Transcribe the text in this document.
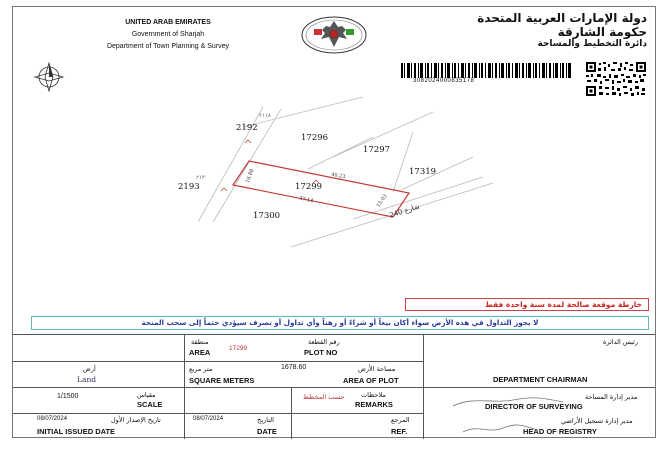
UNITED ARAB EMIRATES
Government of Sharjah
Department of Town Planning & Survey
دولة الإمارات العربية المتحدة
حكومة الشارقة
دائرة التخطيط والمساحة
3082024000835178
2192
2193
17296
17297
17319
17299
17300
٢١١٨
٢١٣	40.23
37.14	15.03
16.88
شارع 240
خارطة موقعة صالحة لمدة سنة واحدة فقط
لا يجوز التداول في هذه الأرض سواء أكان بيعاً أو شراءً أو رهناً وأي تداول أو تصرف سيؤدي حتماً إلى سحب المنحة
منطقة
AREA	17299
رقم القطعة
PLOT NO
أرض
Land
متر مربع
SQUARE METERS
1678.60	مساحة الأرض
AREA OF PLOT
1/1500	مقياس
SCALE
ملاحظات
REMARKS
حسب المخطط
08/07/2024	تاريخ الإصدار الأول
INITIAL ISSUED DATE
08/07/2024	التاريخ
DATE
المرجع
REF.
رئيس الدائرة
DEPARTMENT CHAIRMAN
مدير إدارة المساحة
DIRECTOR OF SURVEYING
مدير إدارة تسجيل الأراضي
HEAD OF REGISTRY
